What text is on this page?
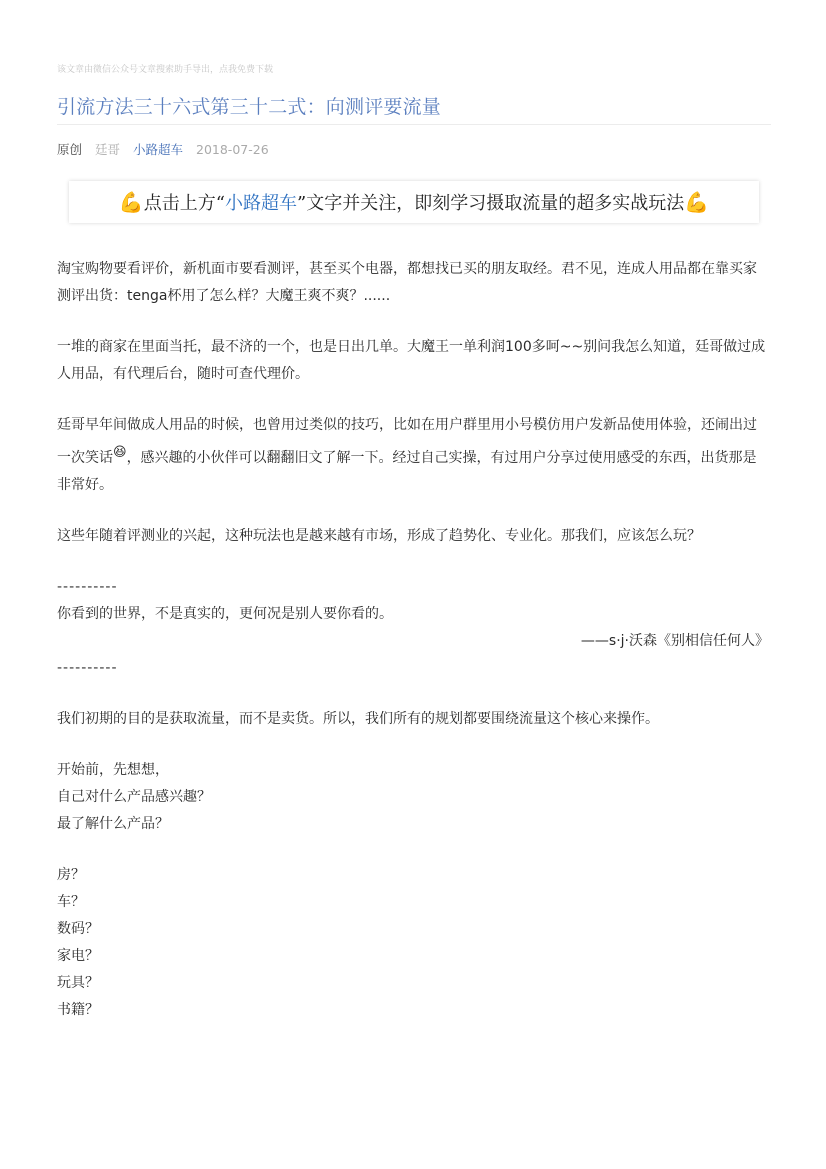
该文章由微信公众号文章搜索助手导出，点我免费下载
引流方法三十六式第三十二式：向测评要流量
原创 廷哥 小路超车 2018-07-26
💪 点击上方“ 小路超车 ”文字并关注，即刻学习摄取流量的超多实战玩法 💪

淘宝购物要看评价，新机面市要看测评，甚至买个电器，都想找已买的朋友取经。君不见，连成人用品都在靠买家测评出货：tenga杯用了怎么样？大魔王爽不爽？......

一堆的商家在里面当托，最不济的一个，也是日出几单。大魔王一单利润100多呵~~别问我怎么知道，廷哥做过成人用品，有代理后台，随时可查代理价。

廷哥早年间做成人用品的时候，也曾用过类似的技巧，比如在用户群里用小号模仿用户发新品使用体验，还闹出过一次笑话😆，感兴趣的小伙伴可以翻翻旧文了解一下。经过自己实操，有过用户分享过使用感受的东西，出货那是非常好。

这些年随着评测业的兴起，这种玩法也是越来越有市场，形成了趋势化、专业化。那我们，应该怎么玩？

----------
你看到的世界，不是真实的，更何况是别人要你看的。
——s·j·沃森《别相信任何人》
----------

我们初期的目的是获取流量，而不是卖货。所以，我们所有的规划都要围绕流量这个核心来操作。

开始前，先想想，
自己对什么产品感兴趣？
最了解什么产品？
房？
车？
数码？
家电？
玩具？
书籍？
